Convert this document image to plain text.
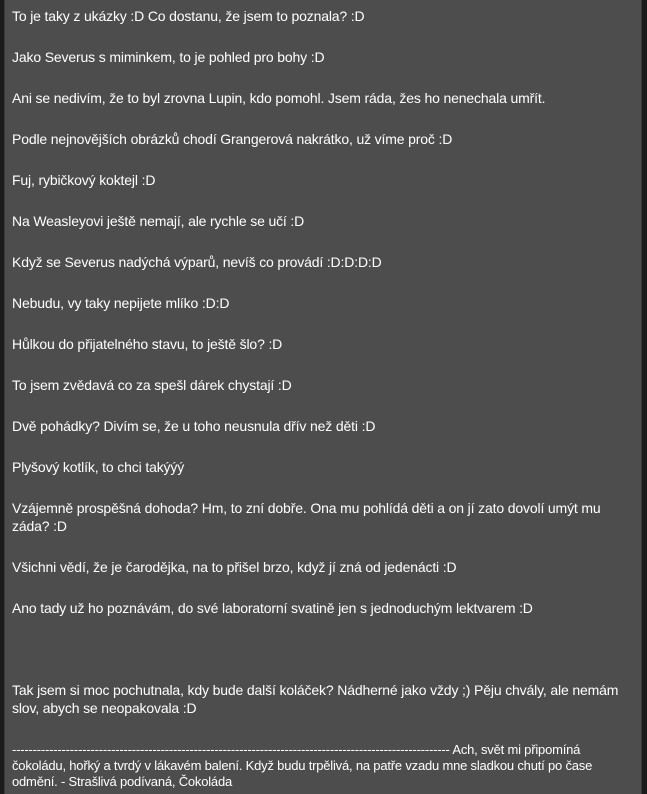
To je taky z ukázky :D Co dostanu, že jsem to poznala? :D

Jako Severus s miminkem, to je pohled pro bohy :D

Ani se nedivím, že to byl zrovna Lupin, kdo pomohl. Jsem ráda, žes ho nenechala umřít.

Podle nejnovějších obrázků chodí Grangerová nakrátko, už víme proč :D

Fuj, rybičkový koktejl :D

Na Weasleyovi ještě nemají, ale rychle se učí :D

Když se Severus nadýchá výparů, nevíš co provádí :D:D:D:D

Nebudu, vy taky nepijete mlíko :D:D

Hůlkou do přijatelného stavu, to ještě šlo? :D

To jsem zvědavá co za spešl dárek chystají :D

Dvě pohádky? Divím se, že u toho neusnula dřív než děti :D

Plyšový kotlík, to chci takýýý

Vzájemně prospěšná dohoda? Hm, to zní dobře. Ona mu pohlídá děti a on jí zato dovolí umýt mu záda? :D

Všichni vědí, že je čarodějka, na to přišel brzo, když jí zná od jedenácti :D

Ano tady už ho poznávám, do své laboratorní svatině jen s jednoduchým lektvarem :D

Tak jsem si moc pochutnala, kdy bude další koláček? Nádherné jako vždy ;) Pěju chvály, ale nemám slov, abych se neopakovala :D

---------------------------------------------------------------------------------------------------------- Ach, svět mi připomíná čokoládu, hořký a tvrdý v lákavém balení. Když budu trpělivá, na patře vzadu mne sladkou chutí po čase odmění. - Strašlivá podívaná, Čokoláda
